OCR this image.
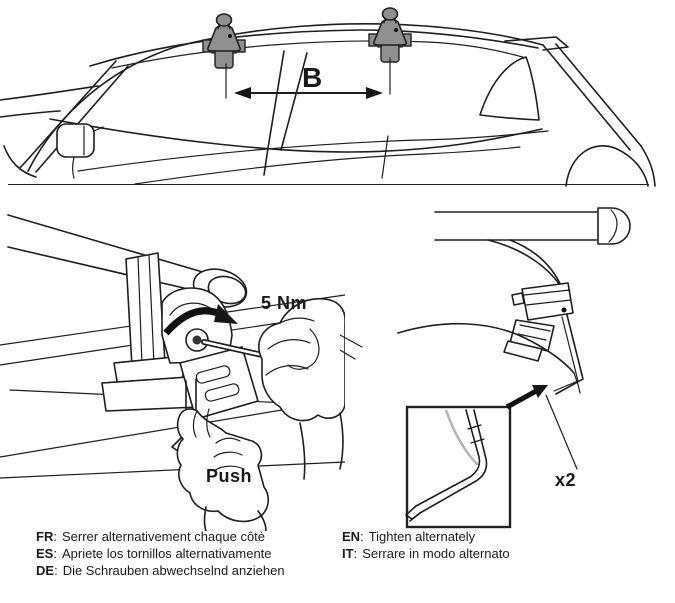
B
5 Nm
Push	x2
FR: Serrer alternativement chaque côtè
ES: Apriete los tornillos alternativamente
DE: Die Schrauben abwechselnd anziehen
EN: Tighten alternately
IT: Serrare in modo alternato
